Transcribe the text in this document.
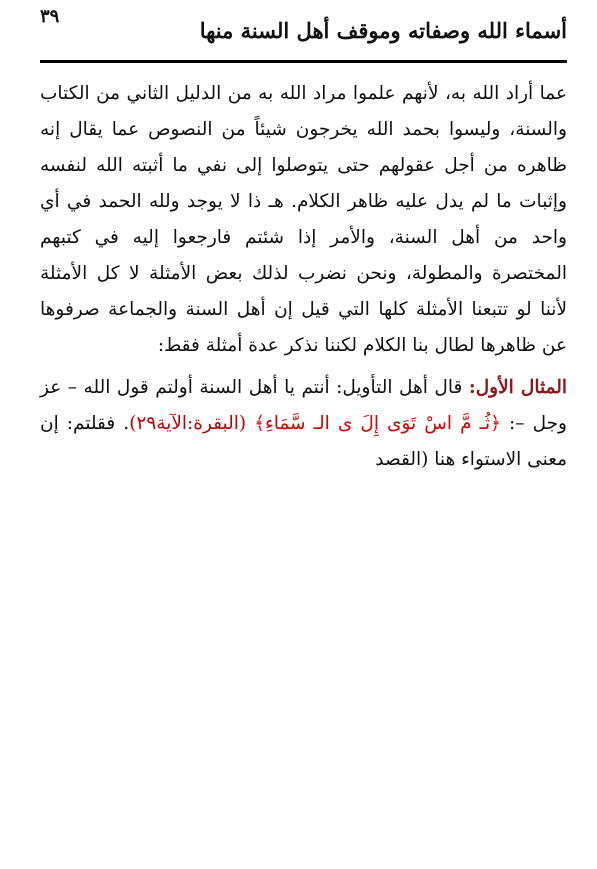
٣٩
أسماء الله وصفاته وموقف أهل السنة منها

عما أراد الله به، لأنهم علموا مراد الله به من الدليل الثاني من الكتاب والسنة، وليسوا بحمد الله يخرجون شيئاً من النصوص عما يقال إنه ظاهره من أجل عقولهم حتى يتوصلوا إلى نفي ما أثبته الله لنفسه وإثبات ما لم يدل عليه ظاهر الكلام. هـ ذا لا يوجد ولله الحمد في أي واحد من أهل السنة، والأمر إذا شئتم فارجعوا إليه في كتبهم المختصرة والمطولة، ونحن نضرب لذلك بعض الأمثلة لا كل الأمثلة لأننا لو تتبعنا الأمثلة كلها التي قيل إن أهل السنة والجماعة صرفوها عن ظاهرها لطال بنا الكلام لكننا نذكر عدة أمثلة فقط:

المثال الأول: قال أهل التأويل: أنتم يا أهل السنة أولتم قول الله – عز وجل –: ﴿ثُـ مَّ اسْ تَوَى إِلَ ى الـ سَّمَاءِ﴾ (البقرة:الآية٢٩). فقلتم: إن معنى الاستواء هنا (القصد
